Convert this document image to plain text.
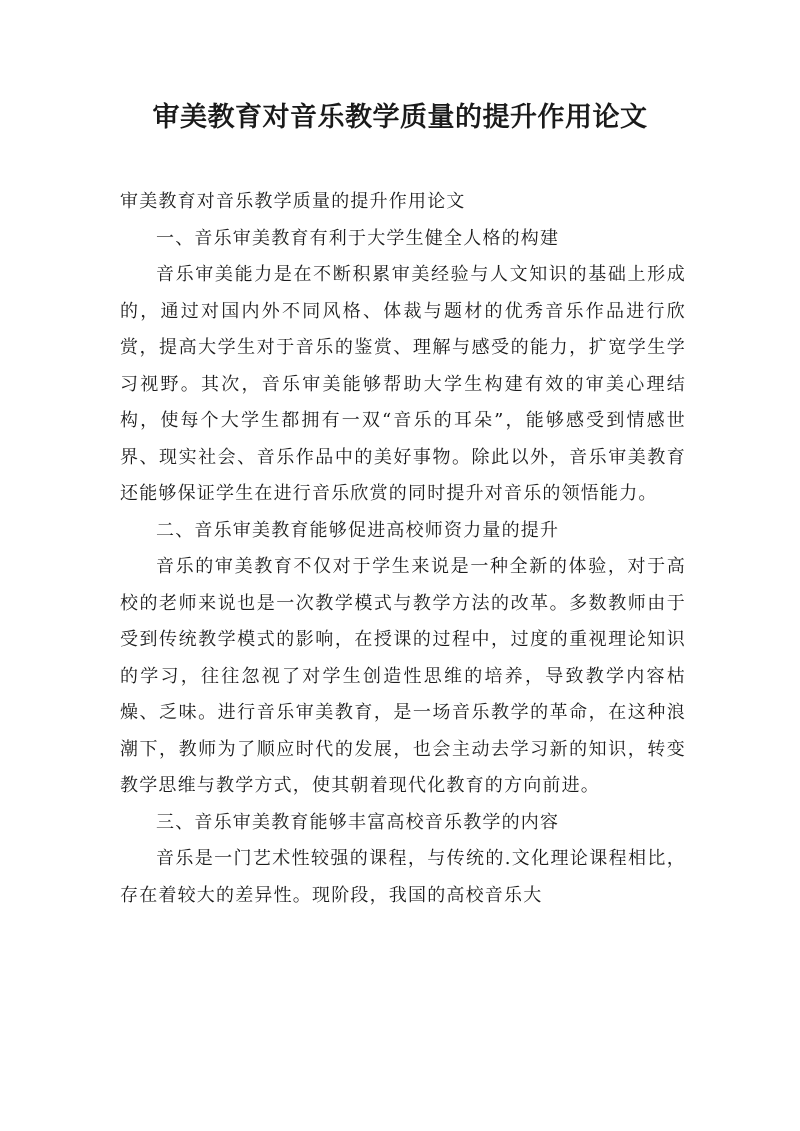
审美教育对音乐教学质量的提升作用论文

审美教育对音乐教学质量的提升作用论文

一、音乐审美教育有利于大学生健全人格的构建

音乐审美能力是在不断积累审美经验与人文知识的基础上形成的，通过对国内外不同风格、体裁与题材的优秀音乐作品进行欣赏，提高大学生对于音乐的鉴赏、理解与感受的能力，扩宽学生学习视野。其次，音乐审美能够帮助大学生构建有效的审美心理结构，使每个大学生都拥有一双“音乐的耳朵”，能够感受到情感世界、现实社会、音乐作品中的美好事物。除此以外，音乐审美教育还能够保证学生在进行音乐欣赏的同时提升对音乐的领悟能力。

二、音乐审美教育能够促进高校师资力量的提升

音乐的审美教育不仅对于学生来说是一种全新的体验，对于高校的老师来说也是一次教学模式与教学方法的改革。多数教师由于受到传统教学模式的影响，在授课的过程中，过度的重视理论知识的学习，往往忽视了对学生创造性思维的培养，导致教学内容枯燥、乏味。进行音乐审美教育，是一场音乐教学的革命，在这种浪潮下，教师为了顺应时代的发展，也会主动去学习新的知识，转变教学思维与教学方式，使其朝着现代化教育的方向前进。

三、音乐审美教育能够丰富高校音乐教学的内容

音乐是一门艺术性较强的课程，与传统的.文化理论课程相比，存在着较大的差异性。现阶段，我国的高校音乐大
